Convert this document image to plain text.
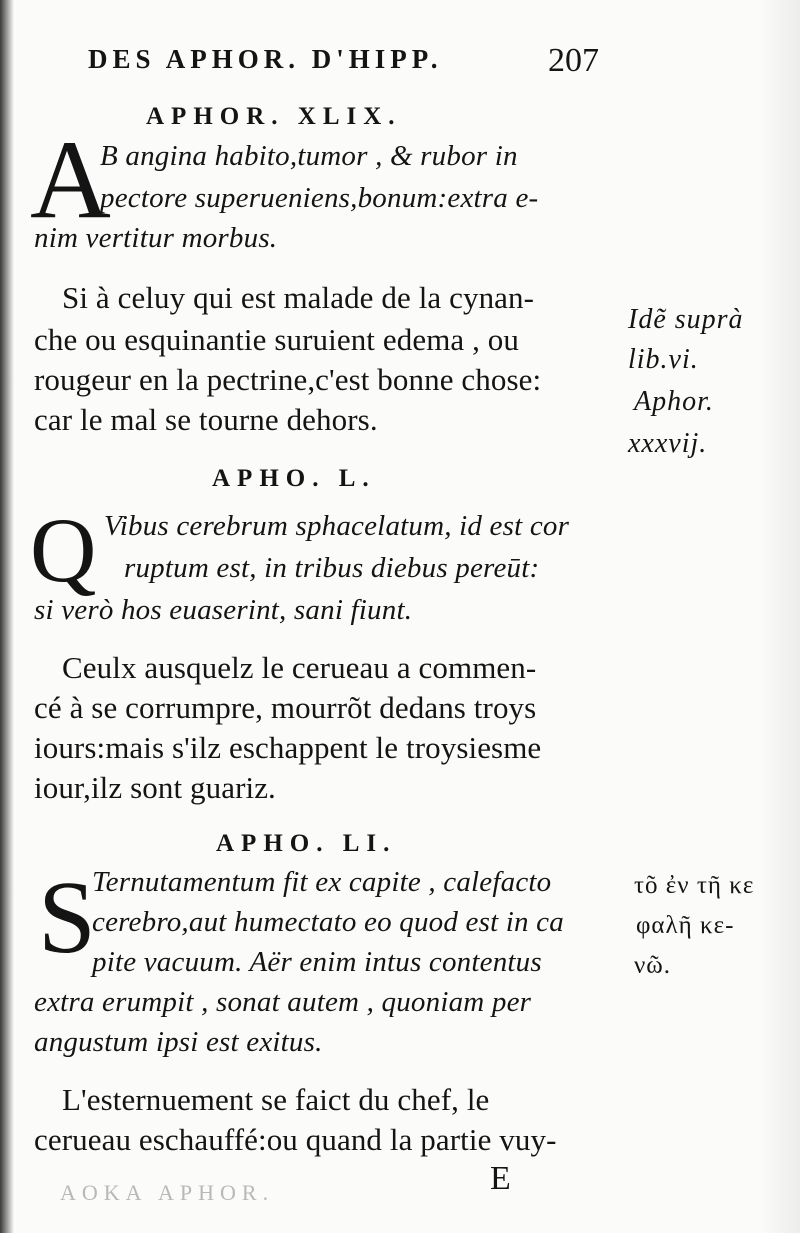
DES APHOR. D'HIPP.	207
APHOR. XLIX.
A
B angina habito,tumor , & rubor in
pectore superueniens,bonum:extra e-
nim vertitur morbus.
Si à celuy qui est malade de la cynan-
che ou esquinantie suruient edema , ou
rougeur en la pectrine,c'est bonne chose:
car le mal se tourne dehors.
Idẽ suprà
lib.vi.
Aphor.
xxxvij.
APHO. L.
Q Vibus cerebrum sphacelatum, id est cor
ruptum est, in tribus diebus pereūt:
si verò hos euaserint, sani fiunt.
Ceulx ausquelz le cerueau a commen-
cé à se corrumpre, mourrõt dedans troys
iours:mais s'ilz eschappent le troysiesme
iour,ilz sont guariz.
APHO. LI.
S
Ternutamentum fit ex capite , calefacto
cerebro,aut humectato eo quod est in ca
pite vacuum. Aër enim intus contentus
extra erumpit , sonat autem , quoniam per
angustum ipsi est exitus.
L'esternuement se faict du chef, le
cerueau eschauffé:ou quand la partie vuy-
τõ ἐν τῆ κε
φαλῆ κε-
νῶ.
E
AOKA APHOR.
